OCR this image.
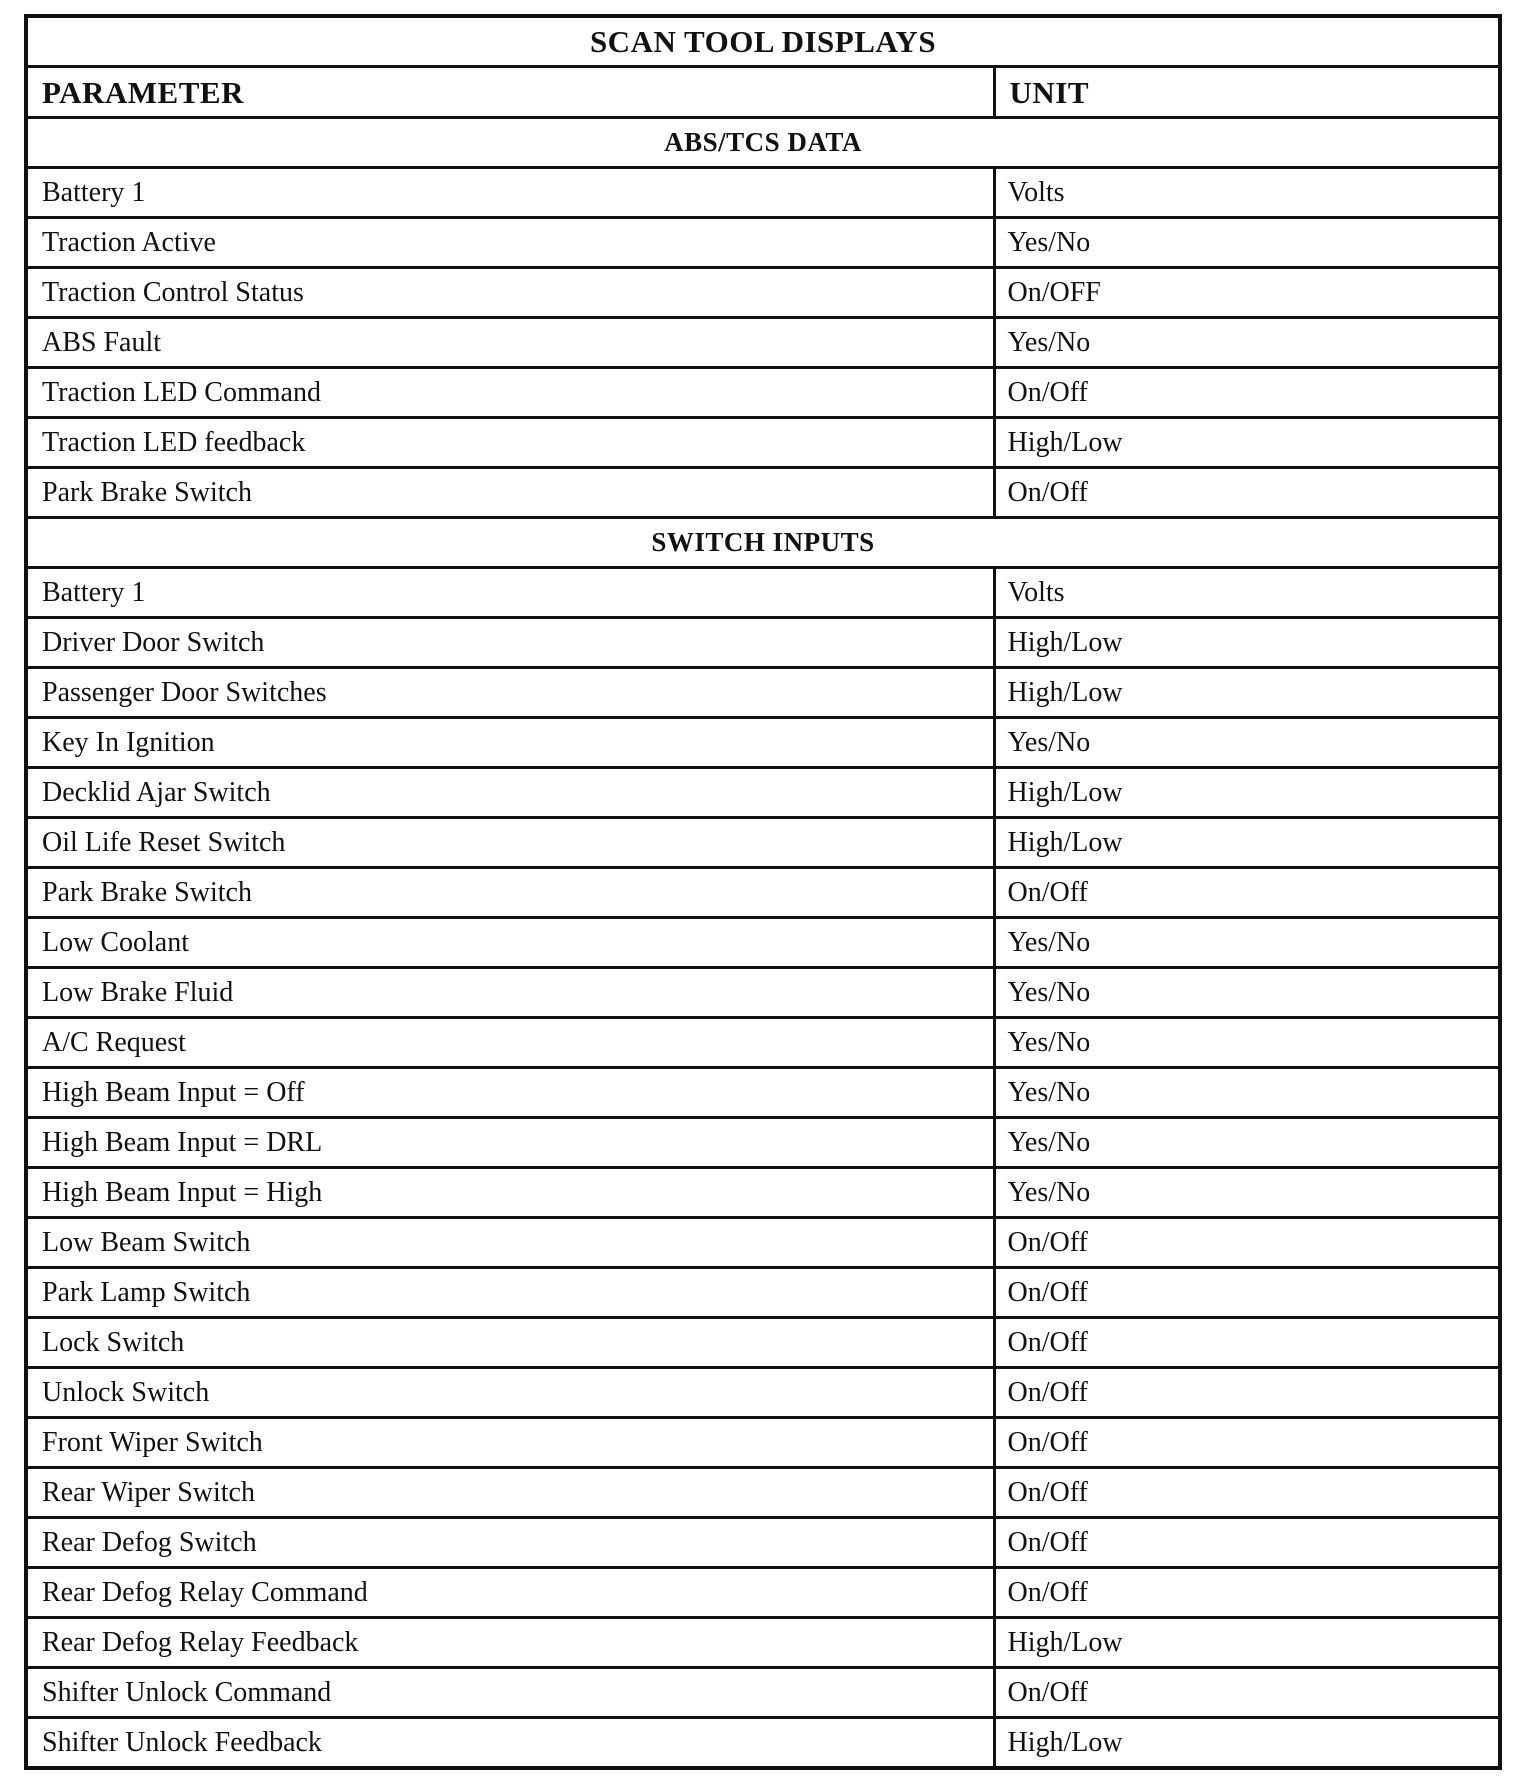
SCAN TOOL DISPLAYS	
PARAMETER	UNIT
ABS/TCS DATA	
Battery 1	Volts
Traction Active	Yes/No
Traction Control Status	On/OFF
ABS Fault	Yes/No
Traction LED Command	On/Off
Traction LED feedback	High/Low
Park Brake Switch	On/Off
SWITCH INPUTS	
Battery 1	Volts
Driver Door Switch	High/Low
Passenger Door Switches	High/Low
Key In Ignition	Yes/No
Decklid Ajar Switch	High/Low
Oil Life Reset Switch	High/Low
Park Brake Switch	On/Off
Low Coolant	Yes/No
Low Brake Fluid	Yes/No
A/C Request	Yes/No
High Beam Input = Off	Yes/No
High Beam Input = DRL	Yes/No
High Beam Input = High	Yes/No
Low Beam Switch	On/Off
Park Lamp Switch	On/Off
Lock Switch	On/Off
Unlock Switch	On/Off
Front Wiper Switch	On/Off
Rear Wiper Switch	On/Off
Rear Defog Switch	On/Off
Rear Defog Relay Command	On/Off
Rear Defog Relay Feedback	High/Low
Shifter Unlock Command	On/Off
Shifter Unlock Feedback	High/Low
